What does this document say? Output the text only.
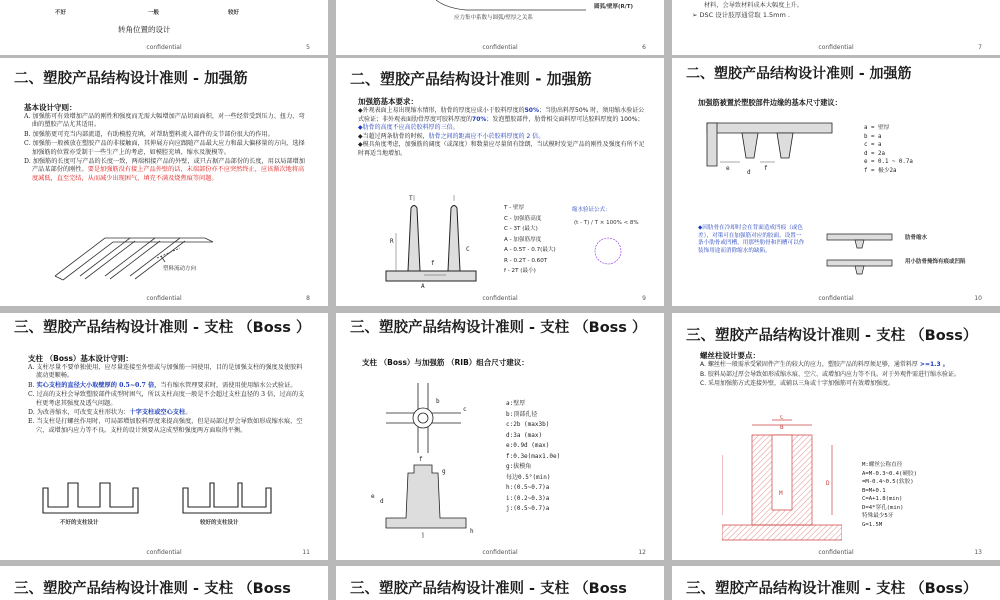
不好	一般	较好
转角位置的设计
confidential	5
圆弧/壁厚(R/T)
应力集中系数与圆弧/壁厚之关系
confidential	6
材料，会导致材料成本大幅度上升。
➢ DSC 设计肢厚通常取 1.5mm .
confidential	7
二、塑胶产品结构设计准则 - 加强筋
基本设计守则：
A. 加强筋可有效增加产品的刚性和强度而无需大幅增加产品切面面积，对一些经常受到压力、扭力、弯曲的塑胶产品尤其适用。
B. 加强筋更可充当内部流道，有助模腔充填，对帮助塑料流入部件的支节部份很大的作用。
C. 加强筋一般被放在塑胶产品的非接触面，其伸展方向应跟随产品最大应力和最大偏移量的方向，选择加强筋的位置亦受制于一些生产上的考虑，如模腔充填、缩水及脱模等。
D. 加强筋的长度可与产品的长度一致，两端相接产品的外壁，或只占据产品部份的长度，用以局部增加产品某部份的刚性。要是加强筋没有接上产品外壁的话，末端部份亦不应突然终止，应该渐次地将高度减低，直至完结，从而减少出现困气、填充不满及烧焦痕等问题。
塑料流动方向
confidential	8
二、塑胶产品结构设计准则 - 加强筋
加强筋基本要求：
◆外观表面上易出现缩水情形，肋骨的厚度应成小于胶料厚度的50%；当肋出料厚50% 时，须用缩水验证公式验证；非外观表面肋骨厚度可胶料厚度的70%；发泡塑胶部件，肋骨相交面料厚可达胶料厚度的 100%；
◆肋骨的高度不应高於胶料厚的三倍。
◆当超过两条肋骨的时候，肋骨之间的距离应不小於胶料厚度的 2 倍。
◆模具角度考虑，加强筋的阔度（或深度）和数量应尽量留有馀朗，当试模时发觉产品的刚性及强度有所不足时再适当地增加。
R
T
f
A
C
T - 壁厚
C - 加强筋高度
C - 3T (最大)
A - 加强筋厚度
A - 0.5T - 0.7(最大)
R - 0.2T - 0.60T
f - 2T (最小)
缩水验证公式：
(t - T) / T × 100% < 8%
confidential	9
二、塑胶产品结构设计准则 - 加强筋
加强筋被置於塑胶部件边缘的基本尺寸建议：
e	f
d
a = 壁厚
b = a
c = a
d = 2a
e = 0.1 ~ 0.7a
f = 极少2a
◆因肋骨在冷却时会在背面造成凹痕（或色差），对策可在加强筋对应的胶面，设置一条小肋骨或凹槽，用那些肋骨和凹槽可以作装饰用途而消除缩水的缺陷。
肋骨缩水
用小肋骨掩饰有痕或凹陷
confidential	10
三、塑胶产品结构设计准则 - 支柱 （Boss ）
支柱 （Boss）基本设计守则：
A. 支柱尽量不要单独使用，应尽量连接至外壁或与加强筋一同使用，目的是加强支柱的强度及使胶料流动更顺畅。
B. 实心支柱的直径大小取壁厚的 0.5~0.7 倍，当有缩水管理要求时，需使用使用缩水公式验证。
C. 过高的支柱会导致塑胶部件成型时困气，所以支柱高度一般是不会超过支柱直径的 3 倍，过高的支柱更考虑其强度及透气问题。
D. 为改善缩水，可改变支柱形状为：十字支柱或空心支柱。
E. 当支柱是打螺丝作用时，可局部增加胶料厚度来提高强度，但是局部过厚会导致如形成缩水痕、空穴、或增加内应力等不良。支柱的设计须要从这成型和强度两方面取得平衡。
不好的支柱设计	较好的支柱设计
confidential	11
三、塑胶产品结构设计准则 - 支柱 （Boss ）
支柱 （Boss）与加强筋 （RIB）组合尺寸建议：
c
b
e
d
f
g
h
j
a:壁厚
b:顶部孔径
c:2b (max3b)
d:3a (max)
e:0.9d (max)
f:0.3e(max1.0e)
g:拔模角
每边0.5°(min)
h:(0.5~0.7)a
i:(0.2~0.3)a
j:(0.5~0.7)a
confidential	12
三、塑胶产品结构设计准则 - 支柱 （Boss）
螺丝柱设计要点：
A. 螺丝柱一般需承受紧固件产生的较大的应力，塑胶产品的料厚须足够，通常料厚 >=1.3 。
B. 胶料局部过厚会导致如形成缩水痕、空穴、或增加内应力等不良。对于外观件需进行缩水验证。
C. 采用加强筋方式连接外壁，或辅以三角或十字加强筋可有效增加强度。
M
C
B
D
M:螺丝公称直径
A=M-0.3~0.4(硬胶)
=M-0.4~0.5(软胶)
B=M+0.1
C=A+1.8(min)
D=4*穿孔(min)
特殊最少5牙
G=1.5M
confidential	13
三、塑胶产品结构设计准则 - 支柱 （Boss	三、塑胶产品结构设计准则 - 支柱 （Boss	三、塑胶产品结构设计准则 - 支柱 （Boss）
